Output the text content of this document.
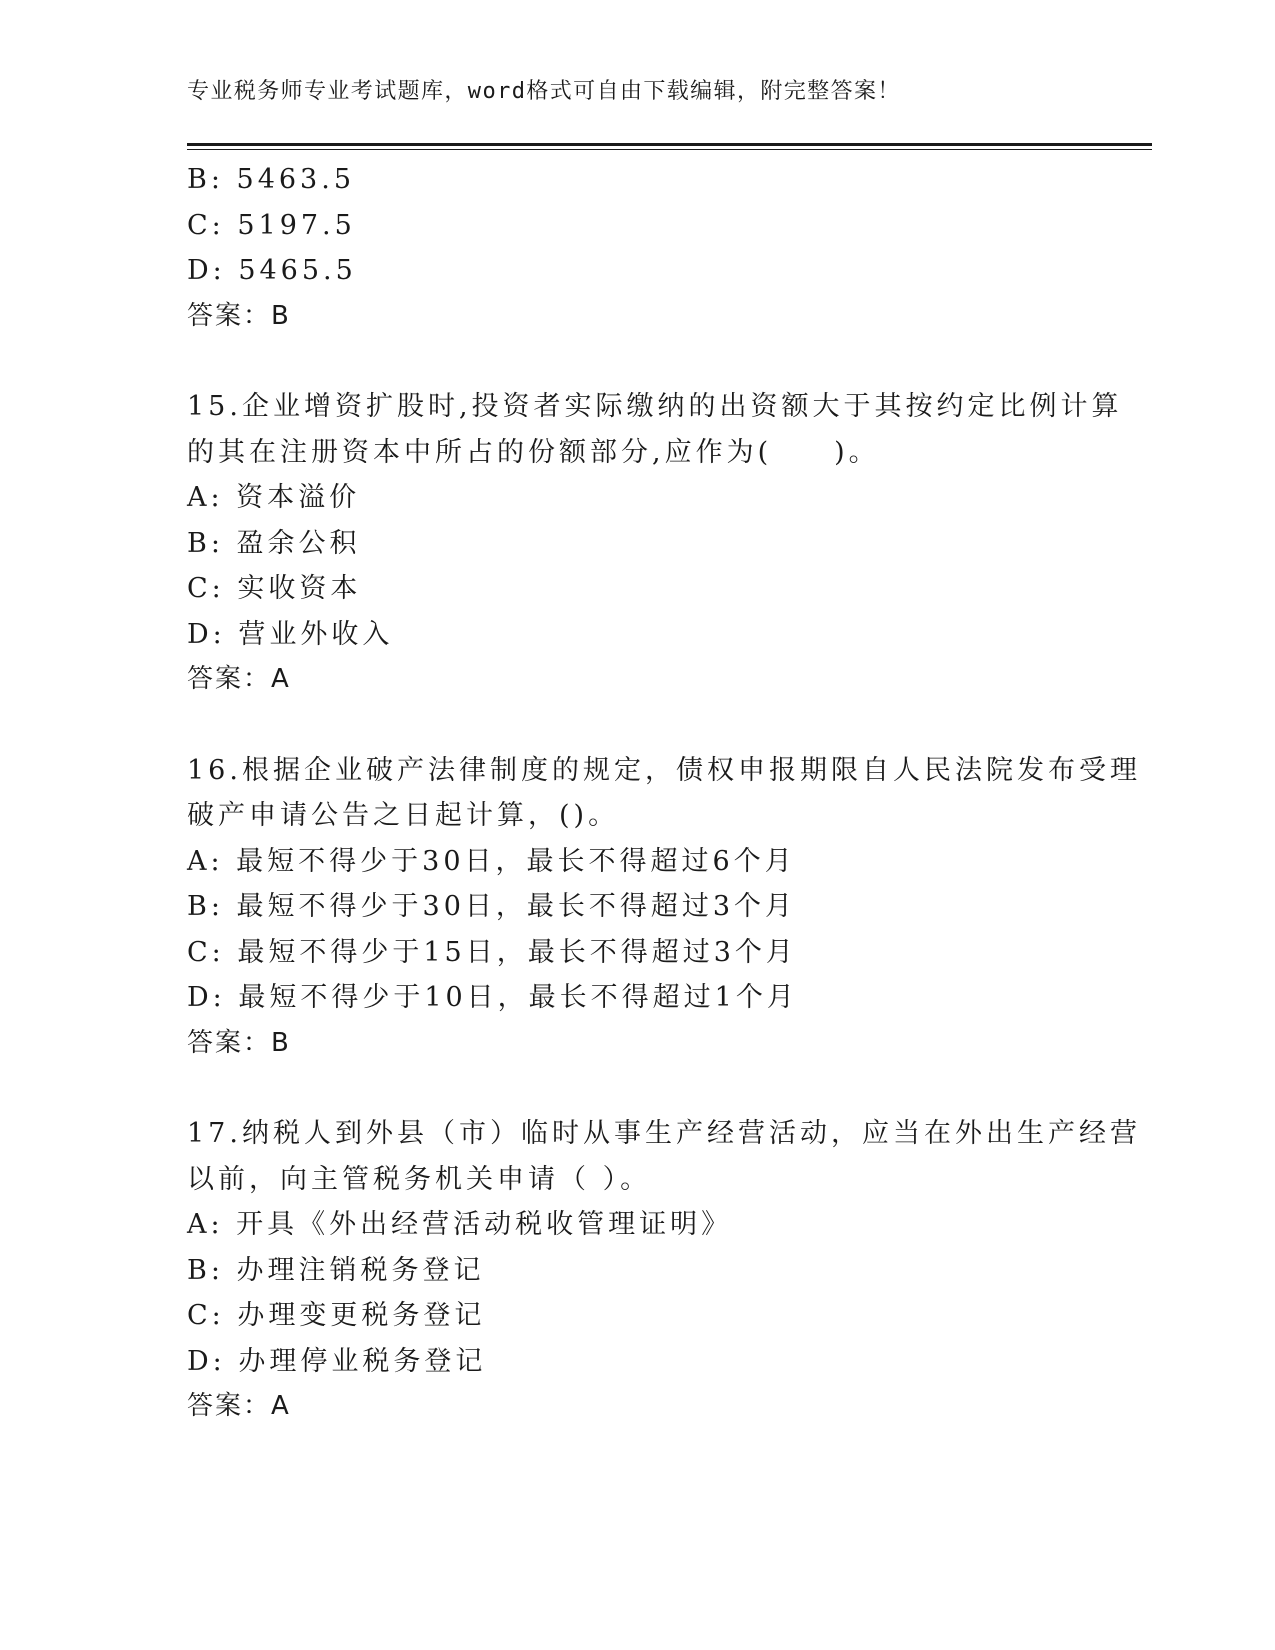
专业税务师专业考试题库，word格式可自由下载编辑，附完整答案！
B: 5463.5
C: 5197.5
D: 5465.5
答案：B
15.企业增资扩股时,投资者实际缴纳的出资额大于其按约定比例计算
的其在注册资本中所占的份额部分,应作为(　　)。
A: 资本溢价
B: 盈余公积
C: 实收资本
D: 营业外收入
答案：A
16.根据企业破产法律制度的规定，债权申报期限自人民法院发布受理
破产申请公告之日起计算，()。
A: 最短不得少于30日，最长不得超过6个月
B: 最短不得少于30日，最长不得超过3个月
C: 最短不得少于15日，最长不得超过3个月
D: 最短不得少于10日，最长不得超过1个月
答案：B
17.纳税人到外县（市）临时从事生产经营活动，应当在外出生产经营
以前，向主管税务机关申请（ ）。
A: 开具《外出经营活动税收管理证明》
B: 办理注销税务登记
C: 办理变更税务登记
D: 办理停业税务登记
答案：A
